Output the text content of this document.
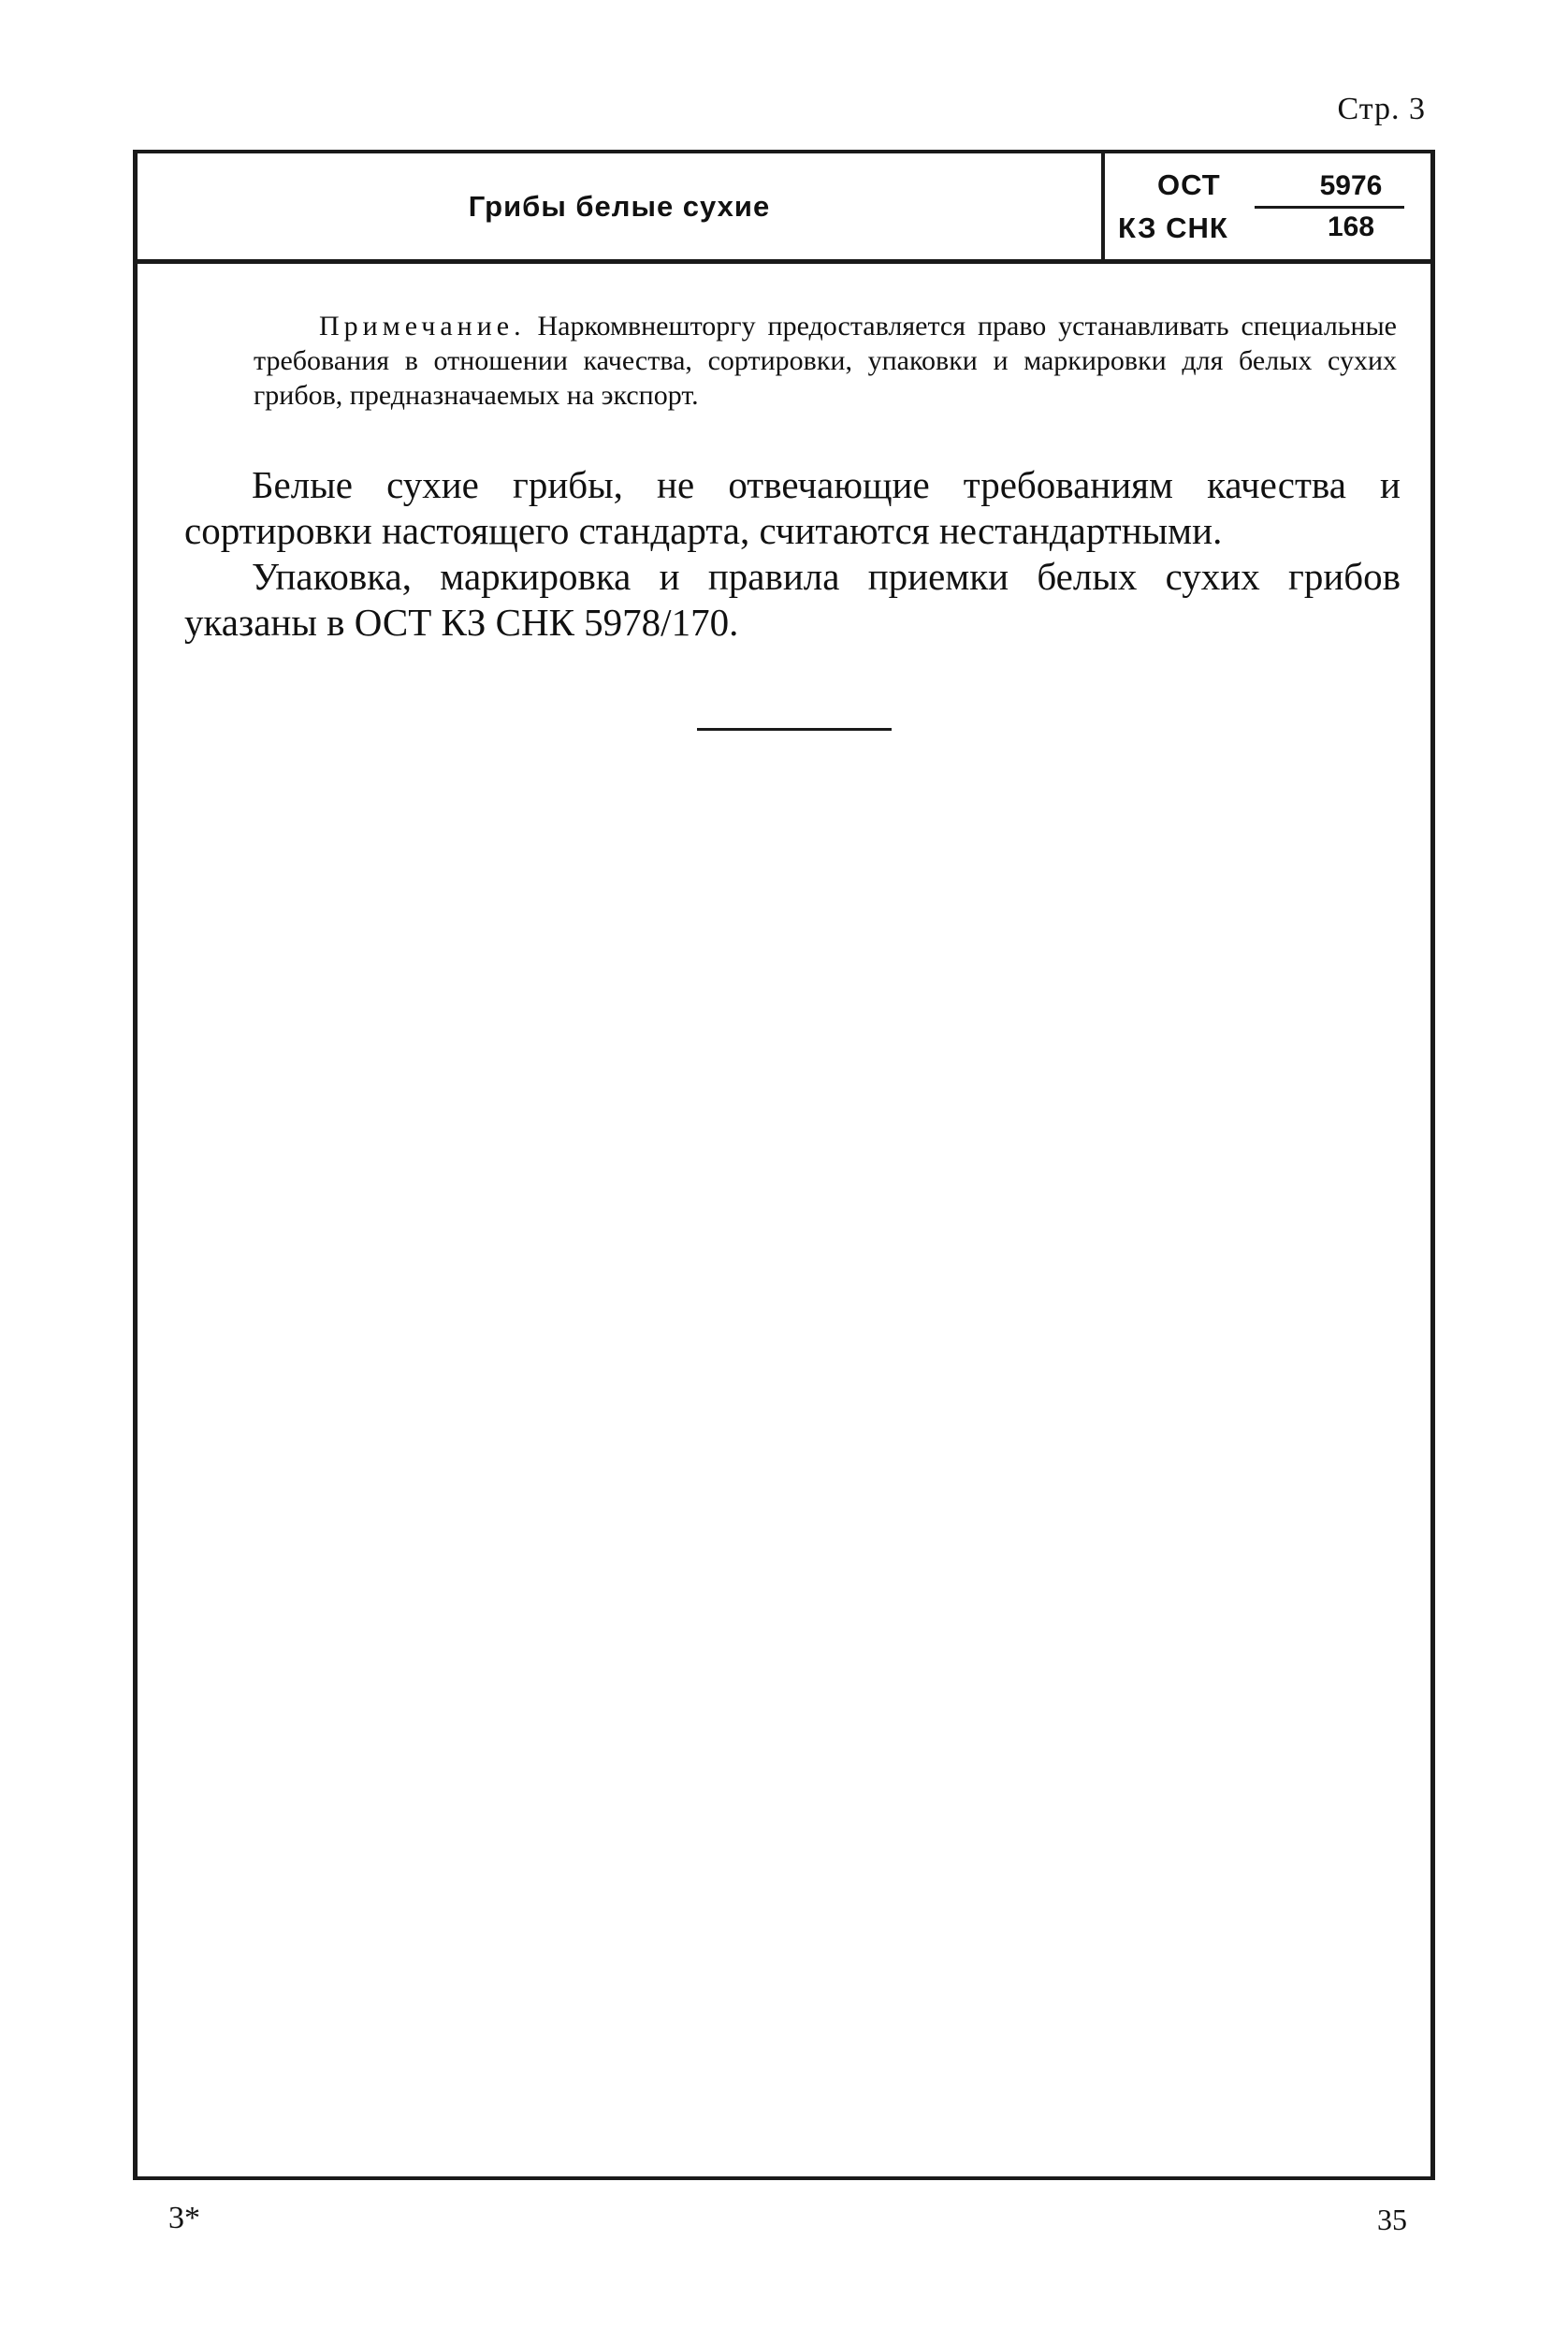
Стр. 3
Грибы белые сухие
ОСТ
КЗ СНК
5976
168
Примечание. Наркомвнешторгу предоставляется право устанавливать специальные требования в отношении качества, сортировки, упаковки и маркировки для белых сухих грибов, предназначаемых на экспорт.
Белые сухие грибы, не отвечающие требованиям качества и сортировки настоящего стандарта, считаются нестандартными.
Упаковка, маркировка и правила приемки белых сухих грибов указаны в ОСТ КЗ СНК 5978/170.
3*	35
